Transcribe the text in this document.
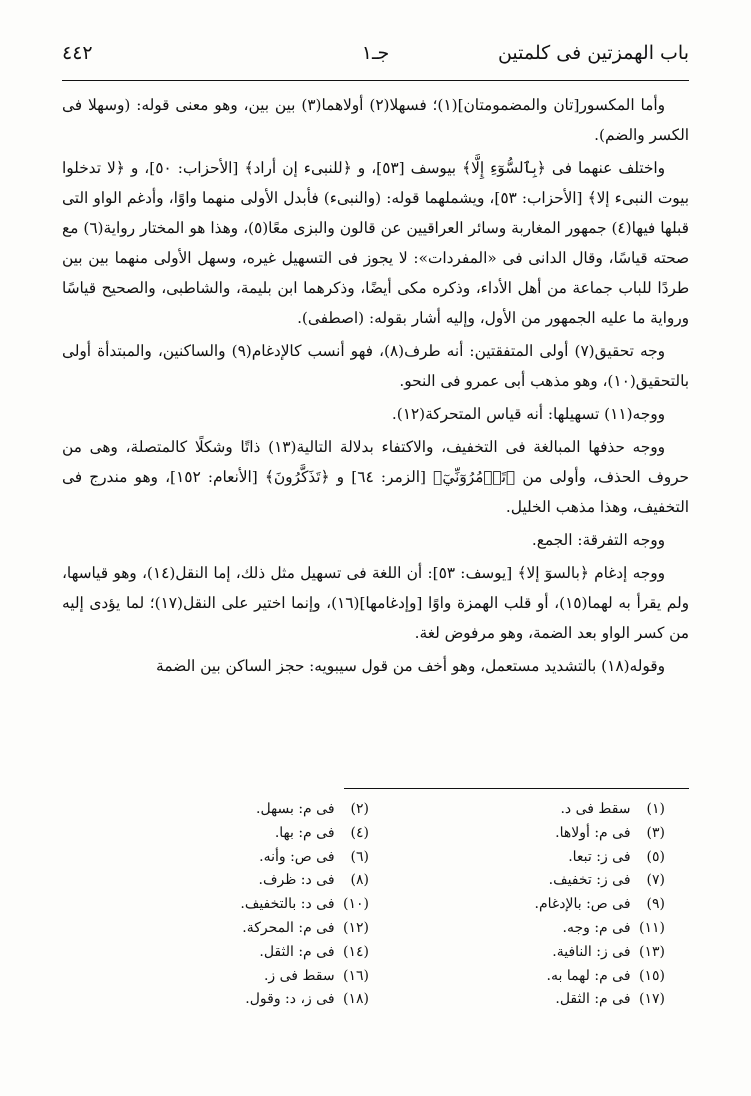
باب الهمزتين فى كلمتين
جـ١
٤٤٢

وأما المكسور[تان والمضمومتان](١)؛ فسهلا(٢) أولاهما(٣) بين بين، وهو معنى قوله: (وسهلا فى الكسر والضم).

واختلف عنهما فى ﴿بِٱلسُّوٓءِ إِلَّا﴾ بيوسف [٥٣]، و ﴿للنبىء إن أراد﴾ [الأحزاب: ٥٠]، و ﴿لا تدخلوا بيوت النبىء إلا﴾ [الأحزاب: ٥٣]، ويشملهما قوله: (والنبىء) فأبدل الأولى منهما واوًا، وأدغم الواو التى قبلها فيها(٤) جمهور المغاربة وسائر العراقيين عن قالون والبزى معًا(٥)، وهذا هو المختار رواية(٦) مع صحته قياسًا، وقال الدانى فى «المفردات»: لا يجوز فى التسهيل غيره، وسهل الأولى منهما بين بين طردًا للباب جماعة من أهل الأداء، وذكره مكى أيضًا، وذكرهما ابن بليمة، والشاطبى، والصحيح قياسًا ورواية ما عليه الجمهور من الأول، وإليه أشار بقوله: (اصطفى).

وجه تحقيق(٧) أولى المتفقتين: أنه طرف(٨)، فهو أنسب كالإدغام(٩) والساكنين، والمبتدأة أولى بالتحقيق(١٠)، وهو مذهب أبى عمرو فى النحو.

ووجه(١١) تسهيلها: أنه قياس المتحركة(١٢).

ووجه حذفها المبالغة فى التخفيف، والاكتفاء بدلالة التالية(١٣) ذاتًا وشكلًا كالمتصلة، وهى من حروف الحذف، وأولى من ﴿تَأۡمُرُوٓنِّيٓ﴾ [الزمر: ٦٤] و ﴿تَذَكَّرُونَ﴾ [الأنعام: ١٥٢]، وهو مندرج فى التخفيف، وهذا مذهب الخليل.

ووجه التفرقة: الجمع.

ووجه إدغام ﴿بالسوٓ إلا﴾ [يوسف: ٥٣]: أن اللغة فى تسهيل مثل ذلك، إما النقل(١٤)، وهو قياسها، ولم يقرأ به لهما(١٥)، أو قلب الهمزة واوًا [وإدغامها](١٦)، وإنما اختير على النقل(١٧)؛ لما يؤدى إليه من كسر الواو بعد الضمة، وهو مرفوض لغة.

وقوله(١٨) بالتشديد مستعمل، وهو أخف من قول سيبويه: حجز الساكن بين الضمة

(١) سقط فى د.
(٣) فى م: أولاها.
(٥) فى ز: تبعا.
(٧) فى ز: تخفيف.
(٩) فى ص: بالإدغام.
(١١) فى م: وجه.
(١٣) فى ز: النافية.
(١٥) فى م: لهما به.
(١٧) فى م: الثقل.
(٢) فى م: بسهل.
(٤) فى م: بها.
(٦) فى ص: وأنه.
(٨) فى د: ظرف.
(١٠) فى د: بالتخفيف.
(١٢) فى م: المحركة.
(١٤) فى م: الثقل.
(١٦) سقط فى ز.
(١٨) فى ز، د: وقول.
